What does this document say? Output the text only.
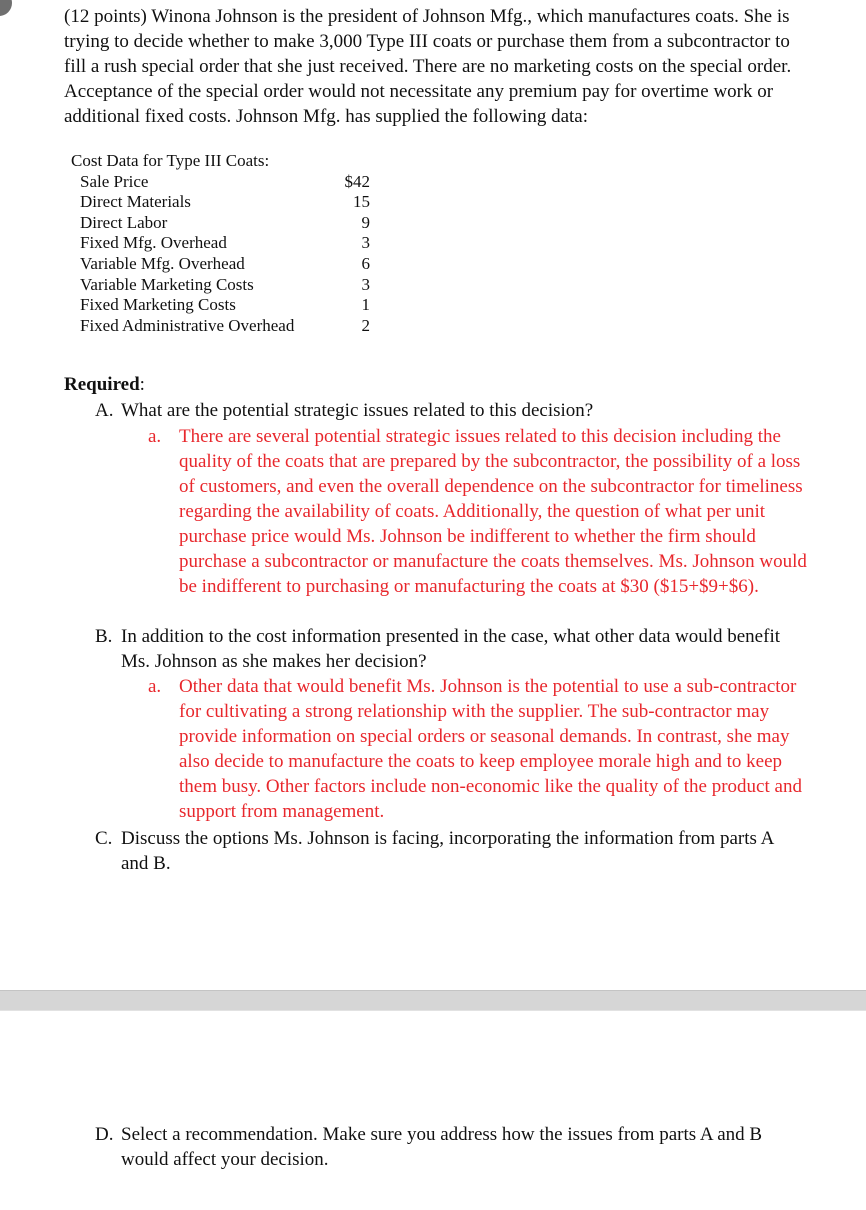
(12 points) Winona Johnson is the president of Johnson Mfg., which manufactures coats. She is trying to decide whether to make 3,000 Type III coats or purchase them from a subcontractor to fill a rush special order that she just received. There are no marketing costs on the special order. Acceptance of the special order would not necessitate any premium pay for overtime work or additional fixed costs. Johnson Mfg. has supplied the following data:

Cost Data for Type III Coats:
Sale Price	$42
Direct Materials	15
Direct Labor	9
Fixed Mfg. Overhead	3
Variable Mfg. Overhead	6
Variable Marketing Costs	3
Fixed Marketing Costs	1
Fixed Administrative Overhead	2

Required:

A. What are the potential strategic issues related to this decision?
a. There are several potential strategic issues related to this decision including the quality of the coats that are prepared by the subcontractor, the possibility of a loss of customers, and even the overall dependence on the subcontractor for timeliness regarding the availability of coats. Additionally, the question of what per unit purchase price would Ms. Johnson be indifferent to whether the firm should purchase a subcontractor or manufacture the coats themselves. Ms. Johnson would be indifferent to purchasing or manufacturing the coats at $30 ($15+$9+$6).
B. In addition to the cost information presented in the case, what other data would benefit Ms. Johnson as she makes her decision?
a. Other data that would benefit Ms. Johnson is the potential to use a sub-contractor for cultivating a strong relationship with the supplier. The sub-contractor may provide information on special orders or seasonal demands. In contrast, she may also decide to manufacture the coats to keep employee morale high and to keep them busy. Other factors include non-economic like the quality of the product and support from management.
C. Discuss the options Ms. Johnson is facing, incorporating the information from parts A and B.
D. Select a recommendation. Make sure you address how the issues from parts A and B would affect your decision.
